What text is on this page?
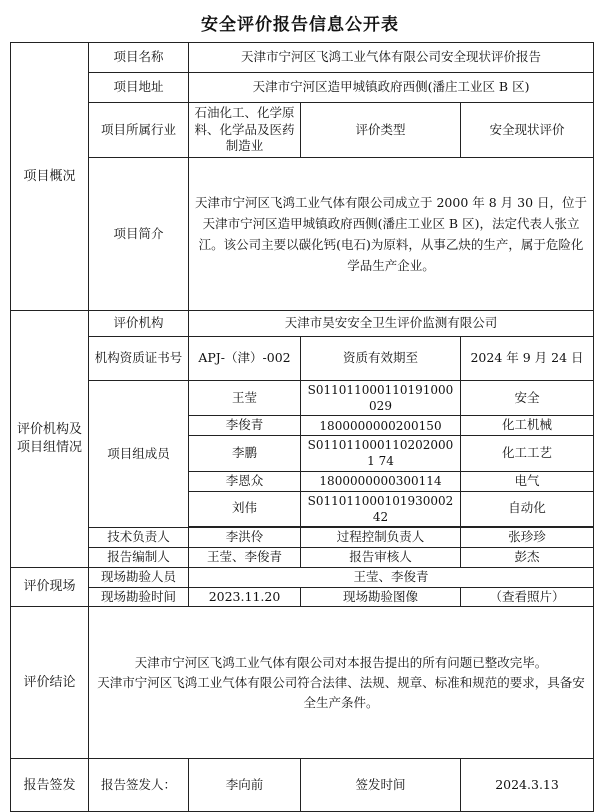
安全评价报告信息公开表
项目概况	项目名称	天津市宁河区飞鸿工业气体有限公司安全现状评价报告		
	项目地址	天津市宁河区造甲城镇政府西侧(潘庄工业区 B 区)		
	项目所属行业	石油化工、化学原料、化学品及医药制造业	评价类型	安全现状评价
	项目简介	天津市宁河区飞鸿工业气体有限公司成立于 2000 年 8 月 30 日，位于天津市宁河区造甲城镇政府西侧(潘庄工业区 B 区)，法定代表人张立江。该公司主要以碳化钙(电石)为原料，从事乙炔的生产，属于危险化学品生产企业。		
评价机构及项目组情况	评价机构	天津市昊安安全卫生评价监测有限公司		
	机构资质证书号	APJ-（津）-002	资质有效期至	2024 年 9 月 24 日
	项目组成员	王莹	S011011000110191000029	安全
		李俊青	1800000000200150	化工机械
		李鹏	S0110110001102020001 74	化工工艺
		李恩众	1800000000300114	电气
		刘伟	S011011000101930002 42	自动化

	技术负责人	李洪伶	过程控制负责人	张珍珍
	报告编制人	王莹、李俊青	报告审核人	彭杰
评价现场	现场勘验人员	王莹、李俊青		
	现场勘验时间	2023.11.20	现场勘验图像	（查看照片）
评价结论	天津市宁河区飞鸿工业气体有限公司对本报告提出的所有问题已整改完毕。
天津市宁河区飞鸿工业气体有限公司符合法律、法规、规章、标准和规范的要求，具备安全生产条件。			

报告签发	报告签发人：	李向前	签发时间	2024.3.13
